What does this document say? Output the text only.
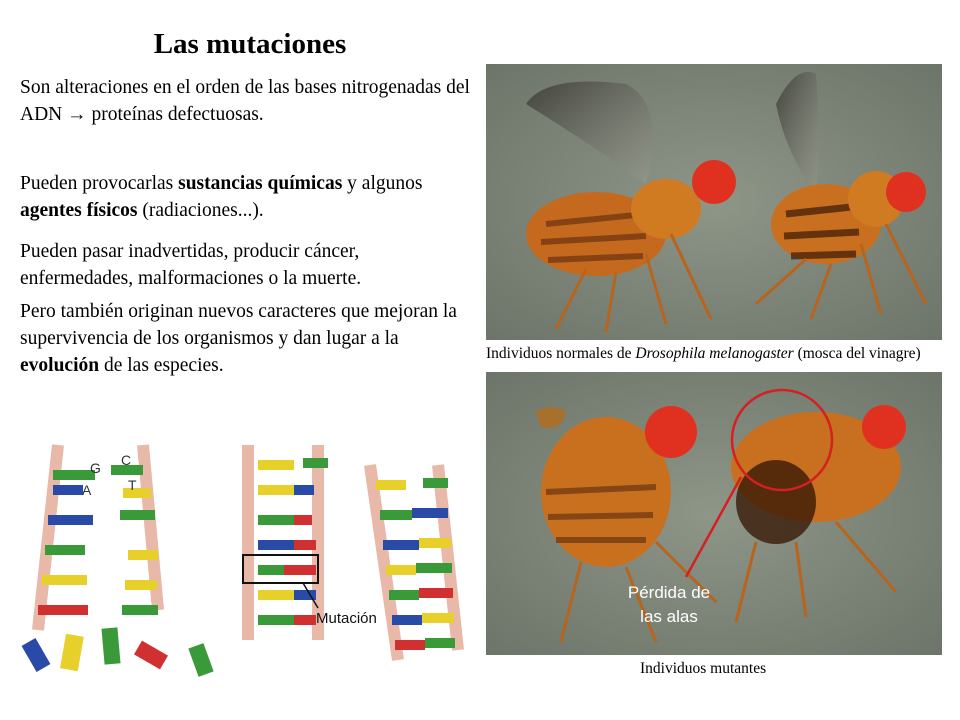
Las mutaciones

Son alteraciones en el orden de las bases nitrogenadas del ADN → proteínas defectuosas.

Pueden provocarlas sustancias químicas y algunos agentes físicos (radiaciones...).

Pueden pasar inadvertidas, producir cáncer, enfermedades, malformaciones o la muerte.

Pero también originan nuevos caracteres que mejoran la supervivencia de los organismos y dan lugar a la evolución de las especies.

Individuos normales de Drosophila melanogaster (mosca del vinagre)

Pérdida de
las alas

Individuos mutantes

G C
A	T
Mutación
